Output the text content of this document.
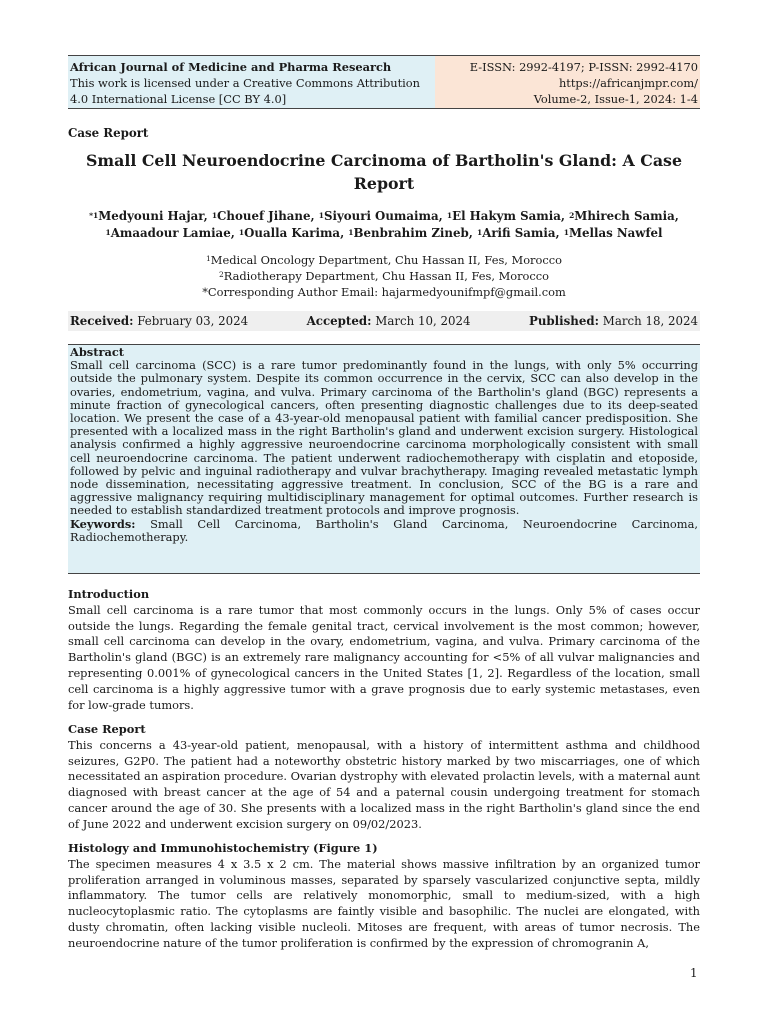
African Journal of Medicine and Pharma Research
This work is licensed under a Creative Commons Attribution
4.0 International License [CC BY 4.0]
E-ISSN: 2992-4197; P-ISSN: 2992-4170
https://africanjmpr.com/
Volume-2, Issue-1, 2024: 1-4
Case Report
Small Cell Neuroendocrine Carcinoma of Bartholin's Gland: A Case Report
$^{*1}$Medyouni Hajar, $^1$Chouef Jihane, $^1$Siyouri Oumaima, $^1$El Hakym Samia, $^2$Mhirech Samia, $^1$Amaadour Lamiae, $^1$Oualla Karima, $^1$Benbrahim Zineb, $^1$Arifi Samia, $^1$Mellas Nawfel
$^1$Medical Oncology Department, Chu Hassan II, Fes, Morocco
$^2$Radiotherapy Department, Chu Hassan II, Fes, Morocco
*Corresponding Author Email: hajarmedyounifmpf@gmail.com
Received: February 03, 2024	Accepted: March 10, 2024	Published: March 18, 2024
Abstract
Small cell carcinoma (SCC) is a rare tumor predominantly found in the lungs, with only 5% occurring outside the pulmonary system. Despite its common occurrence in the cervix, SCC can also develop in the ovaries, endometrium, vagina, and vulva. Primary carcinoma of the Bartholin's gland (BGC) represents a minute fraction of gynecological cancers, often presenting diagnostic challenges due to its deep-seated location. We present the case of a 43-year-old menopausal patient with familial cancer predisposition. She presented with a localized mass in the right Bartholin's gland and underwent excision surgery. Histological analysis confirmed a highly aggressive neuroendocrine carcinoma morphologically consistent with small cell neuroendocrine carcinoma. The patient underwent radiochemotherapy with cisplatin and etoposide, followed by pelvic and inguinal radiotherapy and vulvar brachytherapy. Imaging revealed metastatic lymph node dissemination, necessitating aggressive treatment. In conclusion, SCC of the BG is a rare and aggressive malignancy requiring multidisciplinary management for optimal outcomes. Further research is needed to establish standardized treatment protocols and improve prognosis.
Keywords: Small Cell Carcinoma, Bartholin's Gland Carcinoma, Neuroendocrine Carcinoma, Radiochemotherapy.
Introduction
Small cell carcinoma is a rare tumor that most commonly occurs in the lungs. Only 5% of cases occur outside the lungs. Regarding the female genital tract, cervical involvement is the most common; however, small cell carcinoma can develop in the ovary, endometrium, vagina, and vulva. Primary carcinoma of the Bartholin's gland (BGC) is an extremely rare malignancy accounting for <5% of all vulvar malignancies and representing 0.001% of gynecological cancers in the United States [1, 2]. Regardless of the location, small cell carcinoma is a highly aggressive tumor with a grave prognosis due to early systemic metastases, even for low-grade tumors.
Case Report
This concerns a 43-year-old patient, menopausal, with a history of intermittent asthma and childhood seizures, G2P0. The patient had a noteworthy obstetric history marked by two miscarriages, one of which necessitated an aspiration procedure. Ovarian dystrophy with elevated prolactin levels, with a maternal aunt diagnosed with breast cancer at the age of 54 and a paternal cousin undergoing treatment for stomach cancer around the age of 30. She presents with a localized mass in the right Bartholin's gland since the end of June 2022 and underwent excision surgery on 09/02/2023.
Histology and Immunohistochemistry (Figure 1)
The specimen measures 4 x 3.5 x 2 cm. The material shows massive infiltration by an organized tumor proliferation arranged in voluminous masses, separated by sparsely vascularized conjunctive septa, mildly inflammatory. The tumor cells are relatively monomorphic, small to medium-sized, with a high nucleocytoplasmic ratio. The cytoplasms are faintly visible and basophilic. The nuclei are elongated, with dusty chromatin, often lacking visible nucleoli. Mitoses are frequent, with areas of tumor necrosis. The neuroendocrine nature of the tumor proliferation is confirmed by the expression of chromogranin A,
1
